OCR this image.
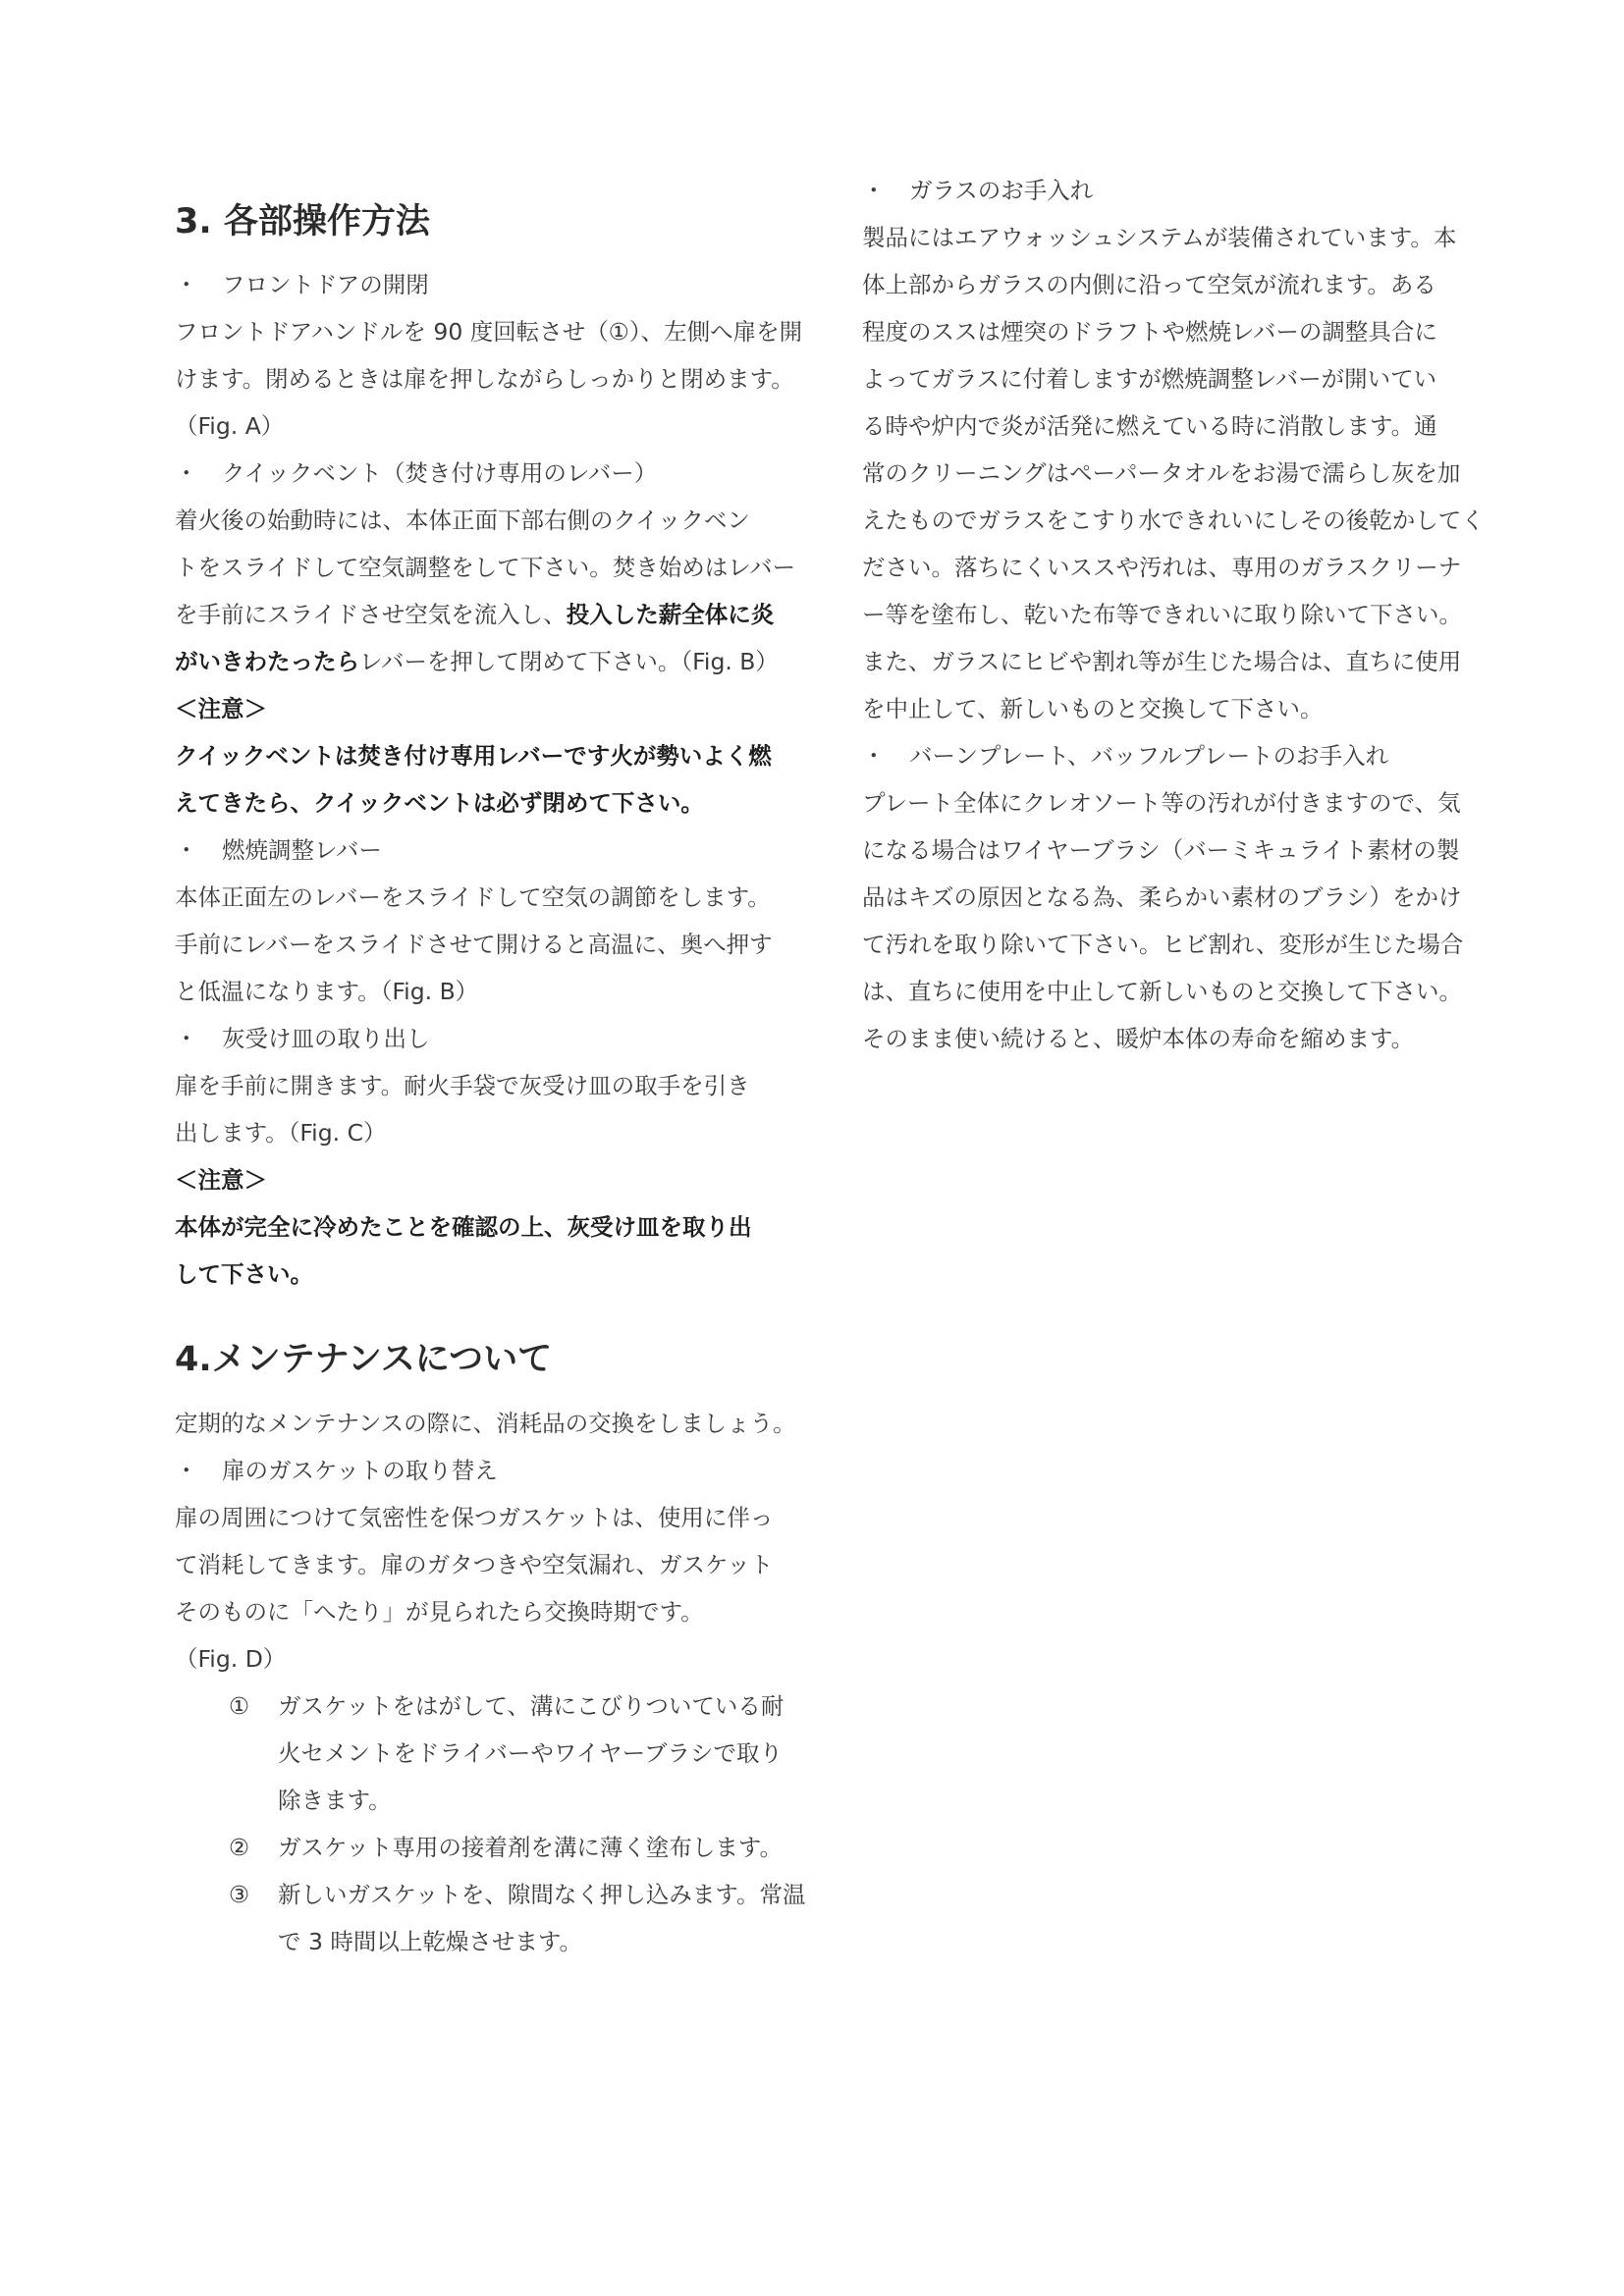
3. 各部操作方法
・ フロントドアの開閉
フロントドアハンドルを 90 度回転させ（①）、左側へ扉を開
けます。閉めるときは扉を押しながらしっかりと閉めます。
（Fig. A）
・ クイックベント（焚き付け専用のレバー）
着火後の始動時には、本体正面下部右側のクイックベン
トをスライドして空気調整をして下さい。焚き始めはレバー
を手前にスライドさせ空気を流入し、投入した薪全体に炎
がいきわたったらレバーを押して閉めて下さい。（Fig. B）
＜注意＞
クイックベントは焚き付け専用レバーです火が勢いよく燃
えてきたら、クイックベントは必ず閉めて下さい。
・ 燃焼調整レバー
本体正面左のレバーをスライドして空気の調節をします。
手前にレバーをスライドさせて開けると高温に、奥へ押す
と低温になります。（Fig. B）
・ 灰受け皿の取り出し
扉を手前に開きます。耐火手袋で灰受け皿の取手を引き
出します。（Fig. C）
＜注意＞
本体が完全に冷めたことを確認の上、灰受け皿を取り出
して下さい。
4.メンテナンスについて
定期的なメンテナンスの際に、消耗品の交換をしましょう。
・ 扉のガスケットの取り替え
扉の周囲につけて気密性を保つガスケットは、使用に伴っ
て消耗してきます。扉のガタつきや空気漏れ、ガスケット
そのものに「へたり」が見られたら交換時期です。
（Fig. D）
① ガスケットをはがして、溝にこびりついている耐
火セメントをドライバーやワイヤーブラシで取り
除きます。
② ガスケット専用の接着剤を溝に薄く塗布します。
③ 新しいガスケットを、隙間なく押し込みます。常温
で 3 時間以上乾燥させます。
・ ガラスのお手入れ
製品にはエアウォッシュシステムが装備されています。本
体上部からガラスの内側に沿って空気が流れます。ある
程度のススは煙突のドラフトや燃焼レバーの調整具合に
よってガラスに付着しますが燃焼調整レバーが開いてい
る時や炉内で炎が活発に燃えている時に消散します。通
常のクリーニングはペーパータオルをお湯で濡らし灰を加
えたものでガラスをこすり水できれいにしその後乾かしてく
ださい。落ちにくいススや汚れは、専用のガラスクリーナ
ー等を塗布し、乾いた布等できれいに取り除いて下さい。
また、ガラスにヒビや割れ等が生じた場合は、直ちに使用
を中止して、新しいものと交換して下さい。
・ バーンプレート、バッフルプレートのお手入れ
プレート全体にクレオソート等の汚れが付きますので、気
になる場合はワイヤーブラシ（バーミキュライト素材の製
品はキズの原因となる為、柔らかい素材のブラシ）をかけ
て汚れを取り除いて下さい。ヒビ割れ、変形が生じた場合
は、直ちに使用を中止して新しいものと交換して下さい。
そのまま使い続けると、暖炉本体の寿命を縮めます。
